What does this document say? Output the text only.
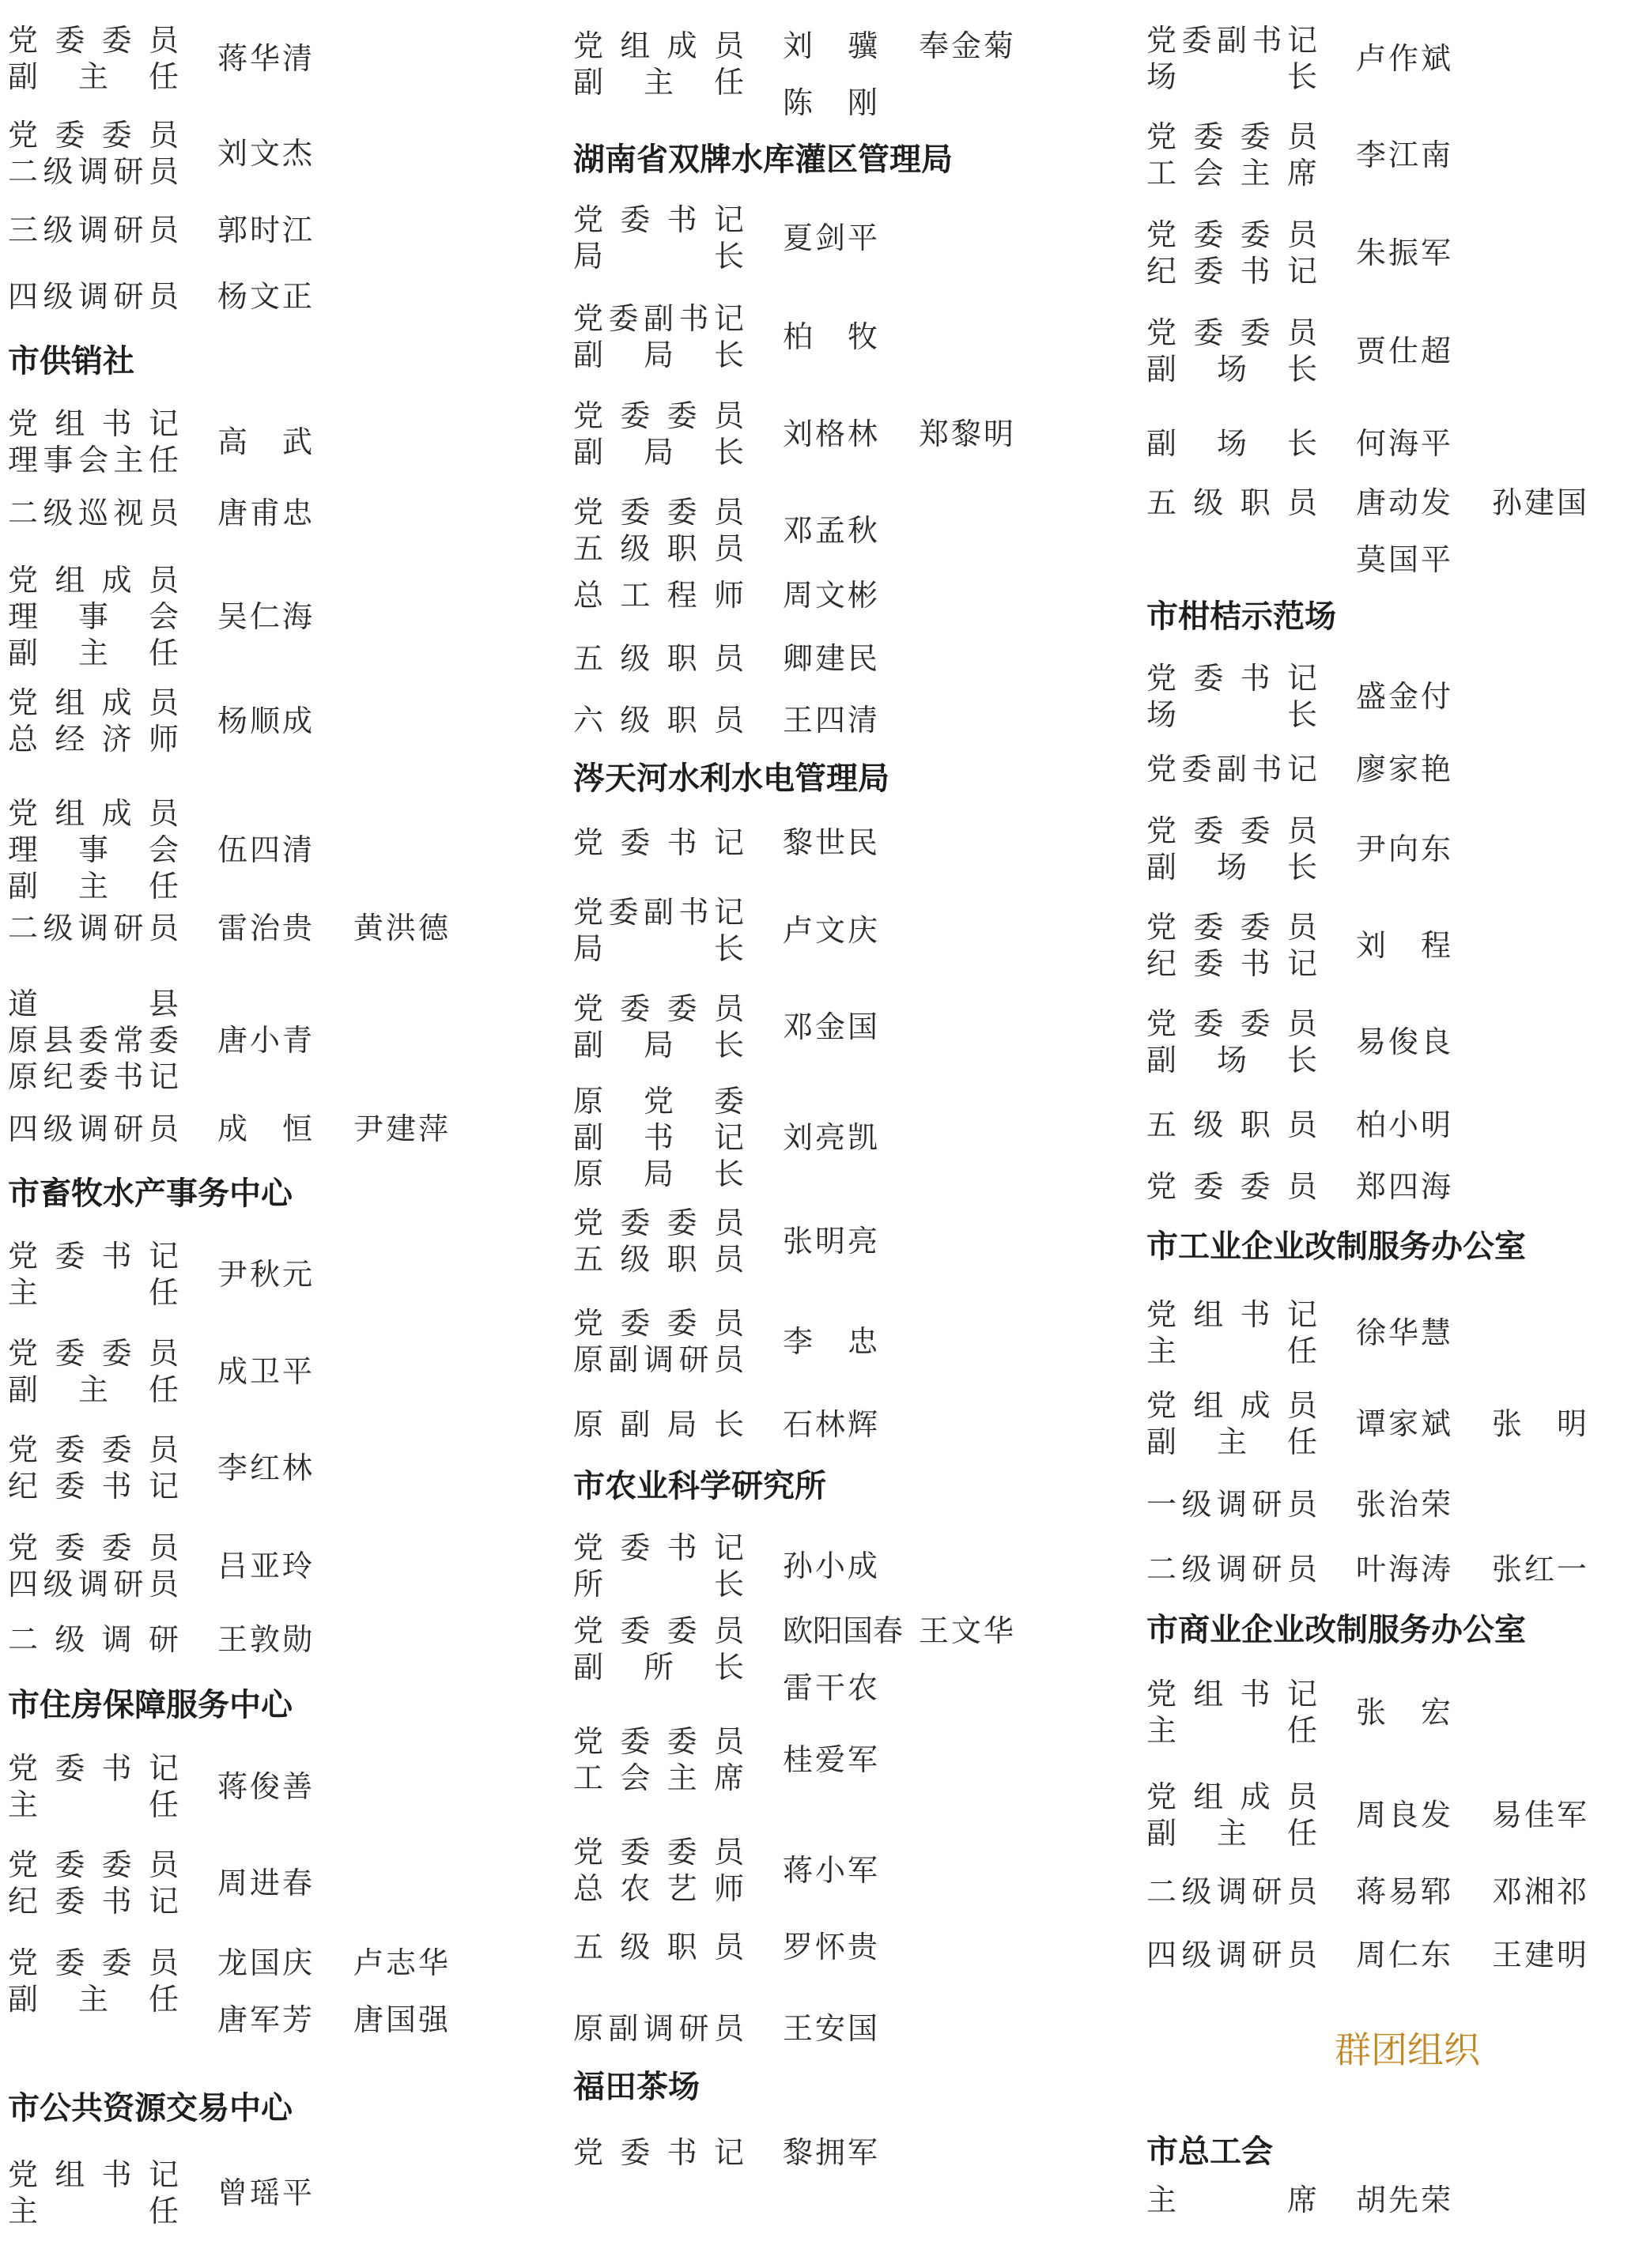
党委委员
副主任
蒋华清
党委委员
二级调研员
刘文杰
三级调研员 郭时江
四级调研员 杨文正
市供销社
党组书记
理事会主任
高　武
二级巡视员 唐甫忠
党组成员
理事会
副主任
吴仁海
党组成员
总经济师
杨顺成
党组成员
理事会
副主任
伍四清
二级调研员 雷治贵 黄洪德
道县
原县委常委
原纪委书记
唐小青
四级调研员 成　恒 尹建萍
市畜牧水产事务中心
党委书记
主任
尹秋元
党委委员
副主任
成卫平
党委委员
纪委书记
李红林
党委委员
四级调研员
吕亚玲
二级调研 王敦勋
市住房保障服务中心
党委书记
主任
蒋俊善
党委委员
纪委书记
周进春
党委委员
副主任
龙国庆 卢志华
唐军芳 唐国强
市公共资源交易中心
党组书记
主任
曾瑶平
党组成员
副主任
刘　骥 奉金菊
陈　刚
湖南省双牌水库灌区管理局
党委书记
局长
夏剑平
党委副书记
副局长
柏　牧
党委委员
副局长
刘格林 郑黎明
党委委员
五级职员
邓孟秋
总工程师 周文彬
五级职员 卿建民
六级职员 王四清
涔天河水利水电管理局
党委书记 黎世民
党委副书记
局长
卢文庆
党委委员
副局长
邓金国
原党委
副书记
原局长
刘亮凯
党委委员
五级职员
张明亮
党委委员
原副调研员
李　忠
原副局长 石林辉
市农业科学研究所
党委书记
所长
孙小成
党委委员
副所长
欧阳国春 王文华
雷干农
党委委员
工会主席
桂爱军
党委委员
总农艺师
蒋小军
五级职员 罗怀贵
原副调研员 王安国
福田茶场
党委书记 黎拥军
党委副书记
场长
卢作斌
党委委员
工会主席
李江南
党委委员
纪委书记
朱振军
党委委员
副场长
贾仕超
副场长 何海平
五级职员 唐动发 孙建国
莫国平
市柑桔示范场
党委书记
场长
盛金付
党委副书记 廖家艳
党委委员
副场长
尹向东
党委委员
纪委书记
刘　程
党委委员
副场长
易俊良
五级职员 柏小明
党委委员 郑四海
市工业企业改制服务办公室
党组书记
主任
徐华慧
党组成员
副主任
谭家斌 张　明
一级调研员 张治荣
二级调研员 叶海涛 张红一
市商业企业改制服务办公室
党组书记
主任
张　宏
党组成员
副主任
周良发 易佳军
二级调研员 蒋易郓 邓湘祁
四级调研员 周仁东 王建明
群团组织
市总工会
主席 胡先荣
